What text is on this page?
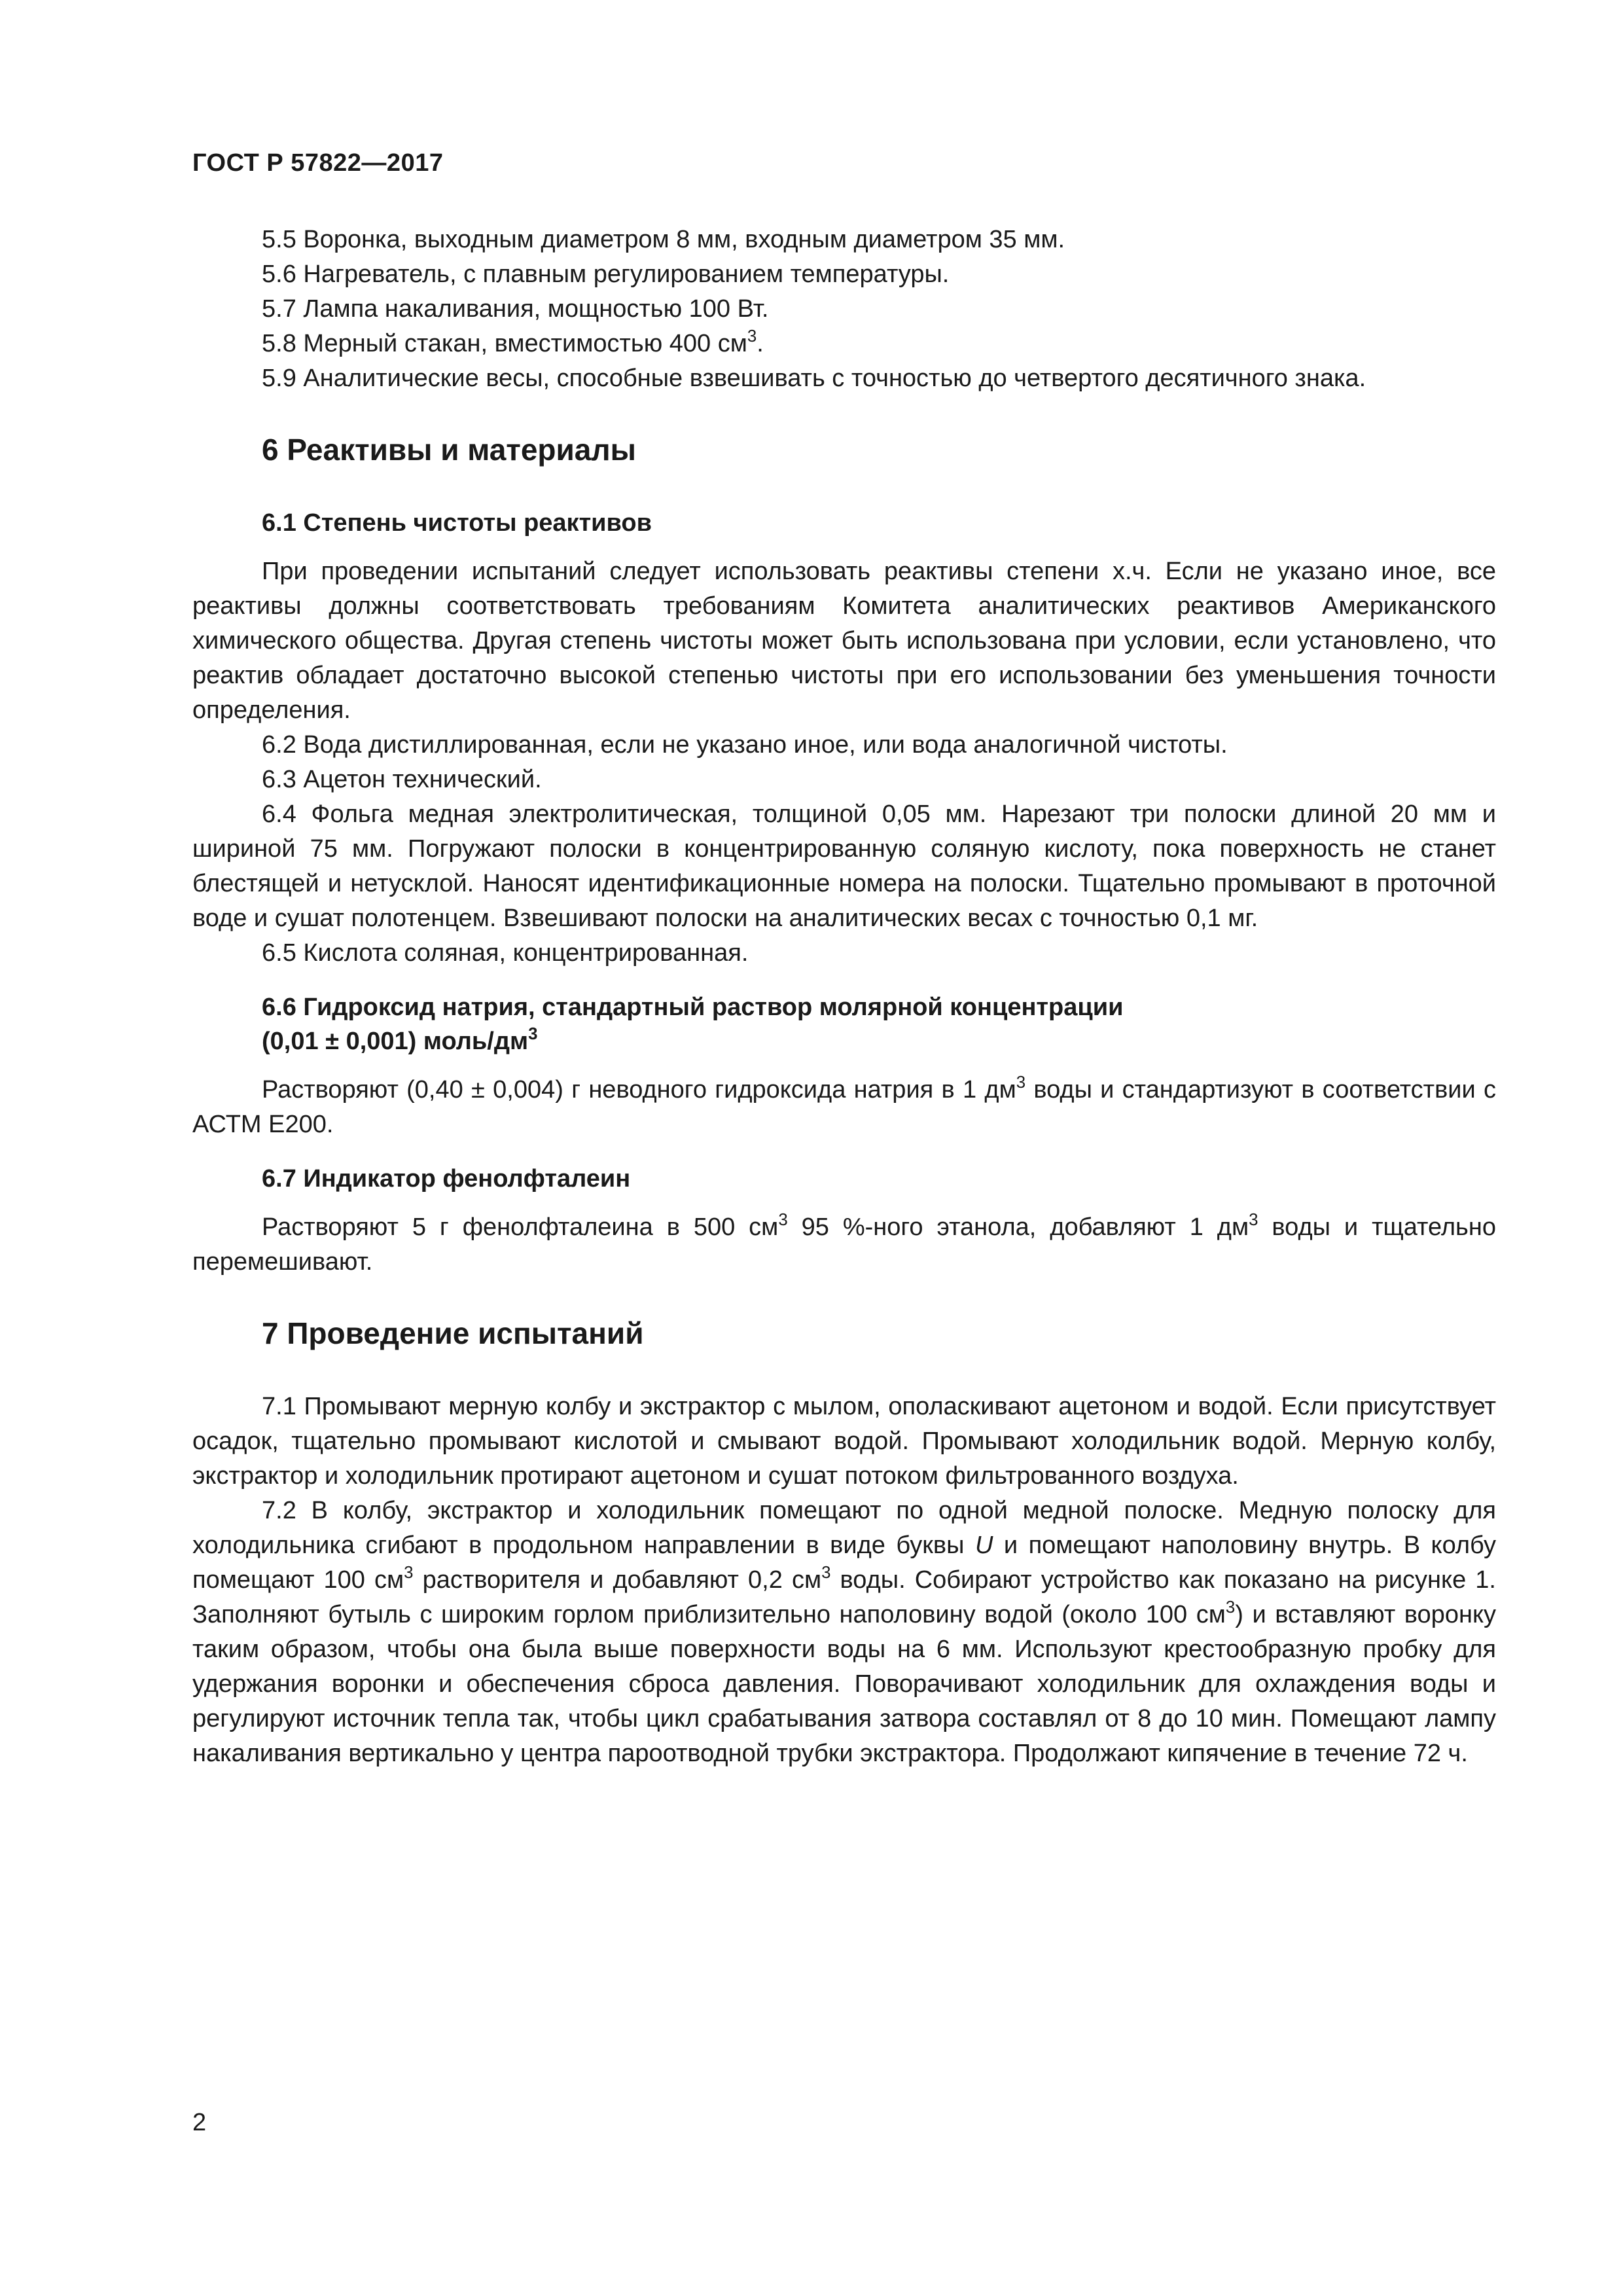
ГОСТ Р 57822—2017

5.5 Воронка, выходным диаметром 8 мм, входным диаметром 35 мм.

5.6 Нагреватель, с плавным регулированием температуры.

5.7 Лампа накаливания, мощностью 100 Вт.

5.8 Мерный стакан, вместимостью 400 $см^3$.

5.9 Аналитические весы, способные взвешивать с точностью до четвертого десятичного знака.

6 Реактивы и материалы
6.1 Степень чистоты реактивов

При проведении испытаний следует использовать реактивы степени х.ч. Если не указано иное, все реактивы должны соответствовать требованиям Комитета аналитических реактивов Американского химического общества. Другая степень чистоты может быть использована при условии, если установлено, что реактив обладает достаточно высокой степенью чистоты при его использовании без уменьшения точности определения.

6.2 Вода дистиллированная, если не указано иное, или вода аналогичной чистоты.

6.3 Ацетон технический.

6.4 Фольга медная электролитическая, толщиной 0,05 мм. Нарезают три полоски длиной 20 мм и шириной 75 мм. Погружают полоски в концентрированную соляную кислоту, пока поверхность не станет блестящей и нетусклой. Наносят идентификационные номера на полоски. Тщательно промывают в проточной воде и сушат полотенцем. Взвешивают полоски на аналитических весах с точностью 0,1 мг.

6.5 Кислота соляная, концентрированная.

6.6 Гидроксид натрия, стандартный раствор молярной концентрации
(0,01 ± 0,001) моль/$дм^3$

Растворяют (0,40 ± 0,004) г неводного гидроксида натрия в 1 $дм^3$ воды и стандартизуют в соответствии с АСТМ Е200.

6.7 Индикатор фенолфталеин

Растворяют 5 г фенолфталеина в 500 $см^3$ 95 %-ного этанола, добавляют 1 $дм^3$ воды и тщательно перемешивают.

7 Проведение испытаний

7.1 Промывают мерную колбу и экстрактор с мылом, ополаскивают ацетоном и водой. Если присутствует осадок, тщательно промывают кислотой и смывают водой. Промывают холодильник водой. Мерную колбу, экстрактор и холодильник протирают ацетоном и сушат потоком фильтрованного воздуха.

7.2 В колбу, экстрактор и холодильник помещают по одной медной полоске. Медную полоску для холодильника сгибают в продольном направлении в виде буквы U и помещают наполовину внутрь. В колбу помещают 100 $см^3$ растворителя и добавляют 0,2 $см^3$ воды. Собирают устройство как показано на рисунке 1. Заполняют бутыль с широким горлом приблизительно наполовину водой (около 100 $см^3$) и вставляют воронку таким образом, чтобы она была выше поверхности воды на 6 мм. Используют крестообразную пробку для удержания воронки и обеспечения сброса давления. Поворачивают холодильник для охлаждения воды и регулируют источник тепла так, чтобы цикл срабатывания затвора составлял от 8 до 10 мин. Помещают лампу накаливания вертикально у центра пароотводной трубки экстрактора. Продолжают кипячение в течение 72 ч.

2
